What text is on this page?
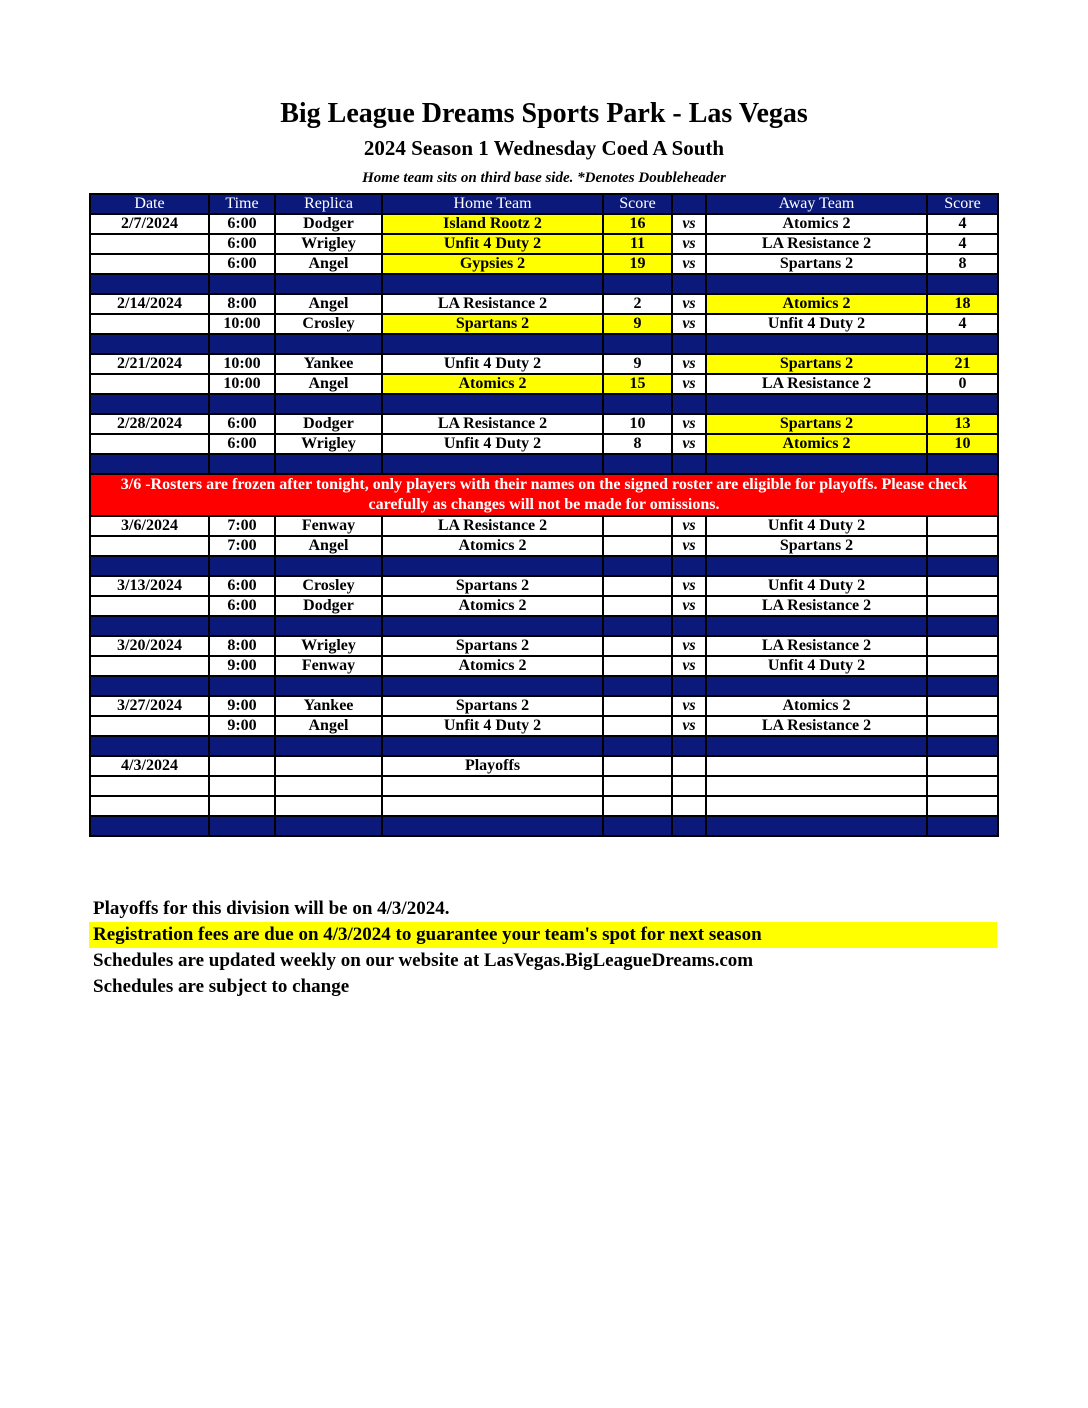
Big League Dreams Sports Park - Las Vegas
2024 Season 1 Wednesday Coed A South
Home team sits on third base side. *Denotes Doubleheader
Date	Time	Replica	Home Team	Score		Away Team	Score
2/7/2024	6:00	Dodger	Island Rootz 2	16	vs	Atomics 2	4
	6:00	Wrigley	Unfit 4 Duty 2	11	vs	LA Resistance 2	4
	6:00	Angel	Gypsies 2	19	vs	Spartans 2	8

2/14/2024	8:00	Angel	LA Resistance 2	2	vs	Atomics 2	18
	10:00	Crosley	Spartans 2	9	vs	Unfit 4 Duty 2	4

2/21/2024	10:00	Yankee	Unfit 4 Duty 2	9	vs	Spartans 2	21
	10:00	Angel	Atomics 2	15	vs	LA Resistance 2	0

2/28/2024	6:00	Dodger	LA Resistance 2	10	vs	Spartans 2	13
	6:00	Wrigley	Unfit 4 Duty 2	8	vs	Atomics 2	10

3/6 -Rosters are frozen after tonight, only players with their names on the signed roster are eligible for playoffs. Please check carefully as changes will not be made for omissions.							
3/6/2024	7:00	Fenway	LA Resistance 2		vs	Unfit 4 Duty 2	
	7:00	Angel	Atomics 2		vs	Spartans 2	

3/13/2024	6:00	Crosley	Spartans 2		vs	Unfit 4 Duty 2	
	6:00	Dodger	Atomics 2		vs	LA Resistance 2	

3/20/2024	8:00	Wrigley	Spartans 2		vs	LA Resistance 2	
	9:00	Fenway	Atomics 2		vs	Unfit 4 Duty 2	

3/27/2024	9:00	Yankee	Spartans 2		vs	Atomics 2	
	9:00	Angel	Unfit 4 Duty 2		vs	LA Resistance 2	

4/3/2024			Playoffs				

Playoffs for this division will be on 4/3/2024.
Registration fees are due on 4/3/2024 to guarantee your team's spot for next season
Schedules are updated weekly on our website at LasVegas.BigLeagueDreams.com
Schedules are subject to change
